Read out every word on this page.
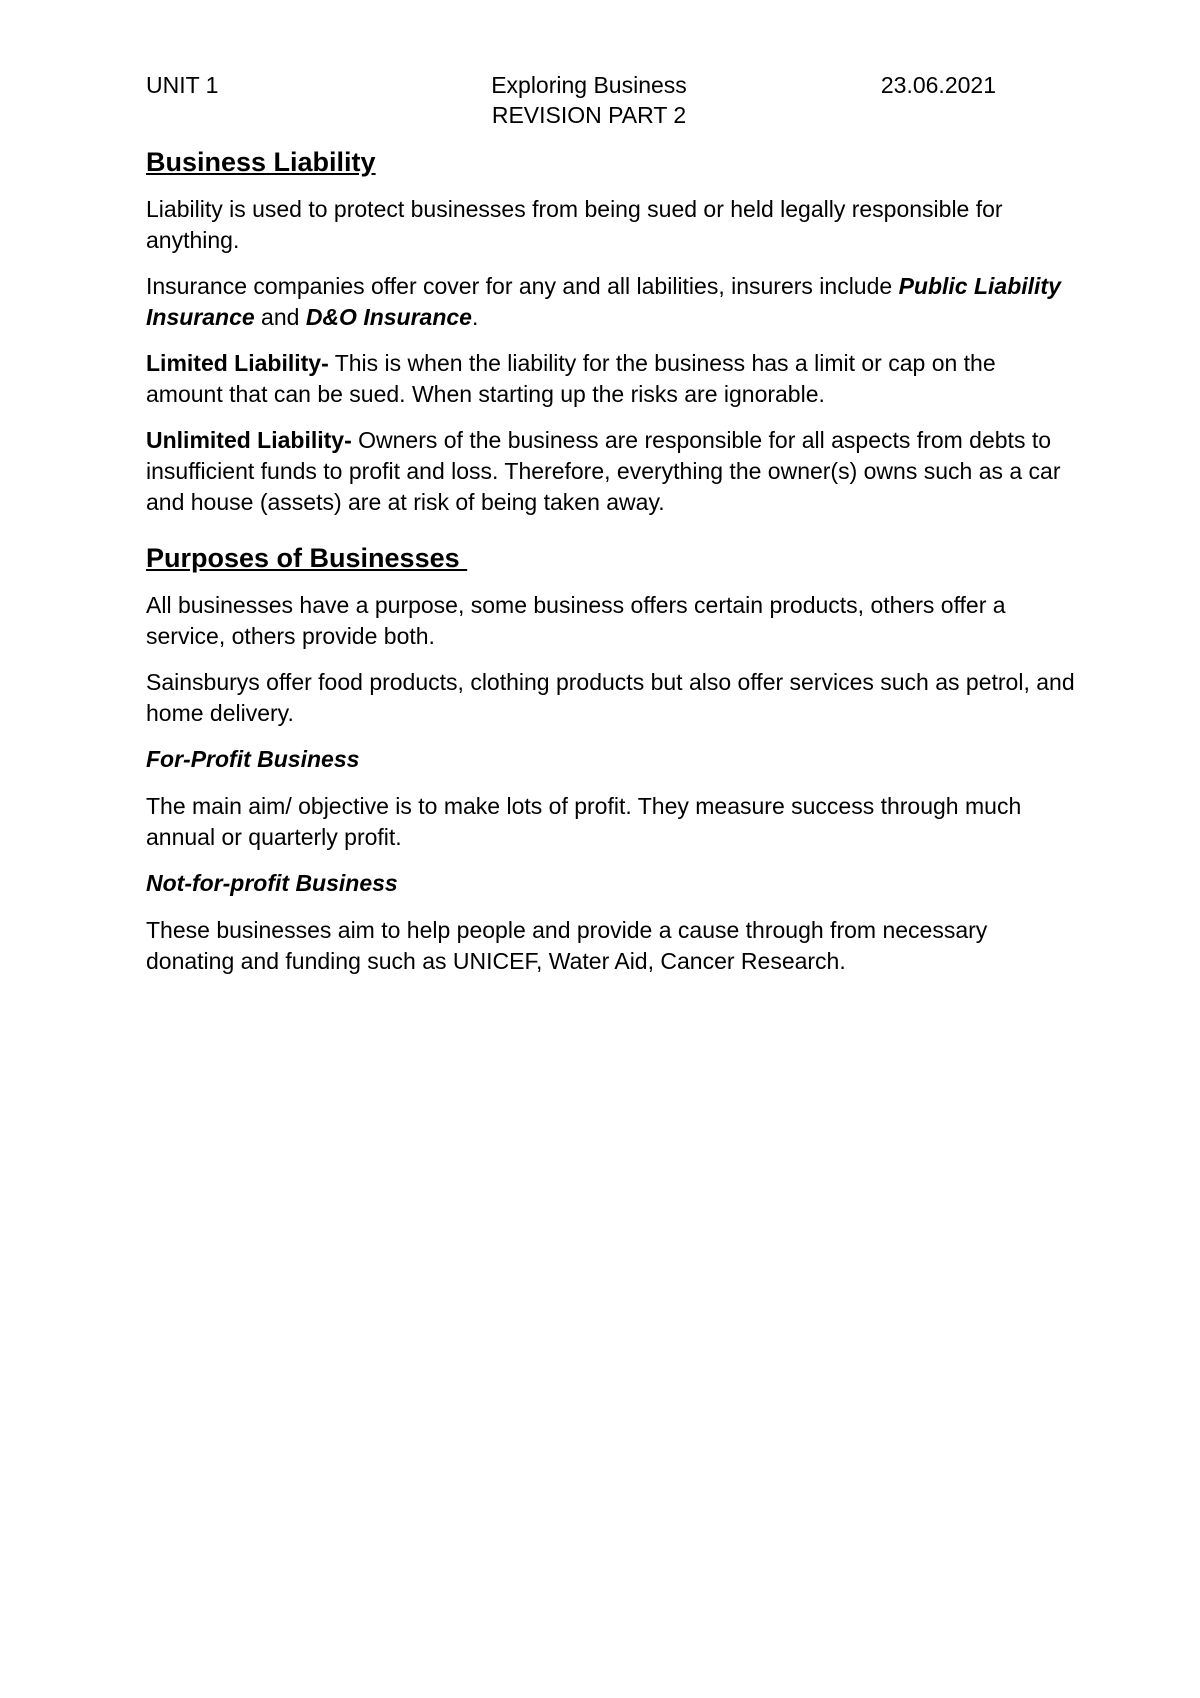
UNIT 1	Exploring Business	23.06.2021
REVISION PART 2
Business Liability

Liability is used to protect businesses from being sued or held legally responsible for anything.

Insurance companies offer cover for any and all labilities, insurers include Public Liability Insurance and D&O Insurance.

Limited Liability- This is when the liability for the business has a limit or cap on the amount that can be sued. When starting up the risks are ignorable.

Unlimited Liability- Owners of the business are responsible for all aspects from debts to insufficient funds to profit and loss. Therefore, everything the owner(s) owns such as a car and house (assets) are at risk of being taken away.

Purposes of Businesses

All businesses have a purpose, some business offers certain products, others offer a service, others provide both.

Sainsburys offer food products, clothing products but also offer services such as petrol, and home delivery.

For-Profit Business

The main aim/ objective is to make lots of profit. They measure success through much annual or quarterly profit.

Not-for-profit Business

These businesses aim to help people and provide a cause through from necessary donating and funding such as UNICEF, Water Aid, Cancer Research.
